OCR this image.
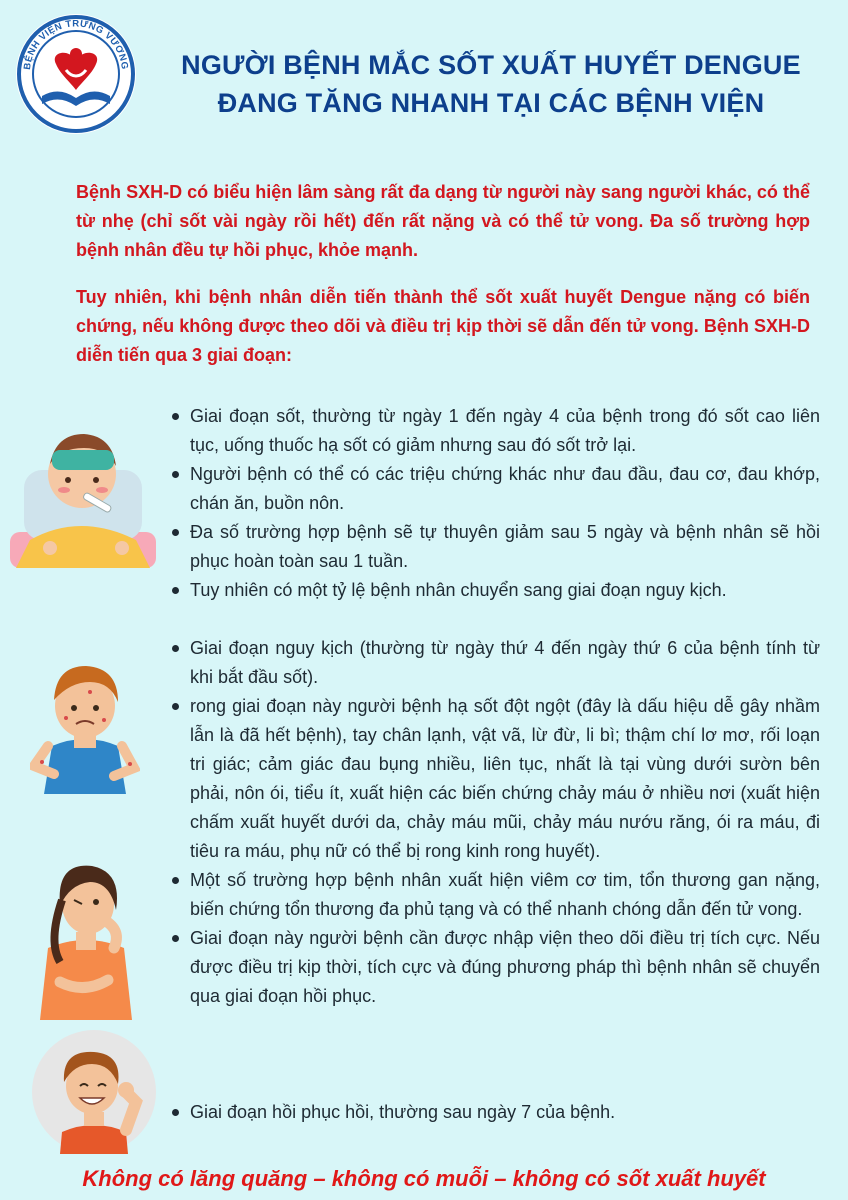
BỆNH VIỆN TRƯNG VƯƠNG	NGƯỜI BỆNH MẮC SỐT XUẤT HUYẾT DENGUE
ĐANG TĂNG NHANH TẠI CÁC BỆNH VIỆN

Bệnh SXH-D có biểu hiện lâm sàng rất đa dạng từ người này sang người khác, có thể từ nhẹ (chỉ sốt vài ngày rồi hết) đến rất nặng và có thể tử vong. Đa số trường hợp bệnh nhân đều tự hồi phục, khỏe mạnh.

Tuy nhiên, khi bệnh nhân diễn tiến thành thể sốt xuất huyết Dengue nặng có biến chứng, nếu không được theo dõi và điều trị kịp thời sẽ dẫn đến tử vong. Bệnh SXH-D diễn tiến qua 3 giai đoạn:

Giai đoạn sốt, thường từ ngày 1 đến ngày 4 của bệnh trong đó sốt cao liên tục, uống thuốc hạ sốt có giảm nhưng sau đó sốt trở lại.
Người bệnh có thể có các triệu chứng khác như đau đầu, đau cơ, đau khớp, chán ăn, buồn nôn.
Đa số trường hợp bệnh sẽ tự thuyên giảm sau 5 ngày và bệnh nhân sẽ hồi phục hoàn toàn sau 1 tuần.
Tuy nhiên có một tỷ lệ bệnh nhân chuyển sang giai đoạn nguy kịch.
Giai đoạn nguy kịch (thường từ ngày thứ 4 đến ngày thứ 6 của bệnh tính từ khi bắt đầu sốt).
rong giai đoạn này người bệnh hạ sốt đột ngột (đây là dấu hiệu dễ gây nhầm lẫn là đã hết bệnh), tay chân lạnh, vật vã, lừ đừ, li bì; thậm chí lơ mơ, rối loạn tri giác; cảm giác đau bụng nhiều, liên tục, nhất là tại vùng dưới sườn bên phải, nôn ói, tiểu ít, xuất hiện các biến chứng chảy máu ở nhiều nơi (xuất hiện chấm xuất huyết dưới da, chảy máu mũi, chảy máu nướu răng, ói ra máu, đi tiêu ra máu, phụ nữ có thể bị rong kinh rong huyết).
Một số trường hợp bệnh nhân xuất hiện viêm cơ tim, tổn thương gan nặng, biến chứng tổn thương đa phủ tạng và có thể nhanh chóng dẫn đến tử vong.
Giai đoạn này người bệnh cần được nhập viện theo dõi điều trị tích cực. Nếu được điều trị kịp thời, tích cực và đúng phương pháp thì bệnh nhân sẽ chuyển qua giai đoạn hồi phục.
Giai đoạn hồi phục hồi, thường sau ngày 7 của bệnh.
Không có lăng quăng – không có muỗi – không có sốt xuất huyết
